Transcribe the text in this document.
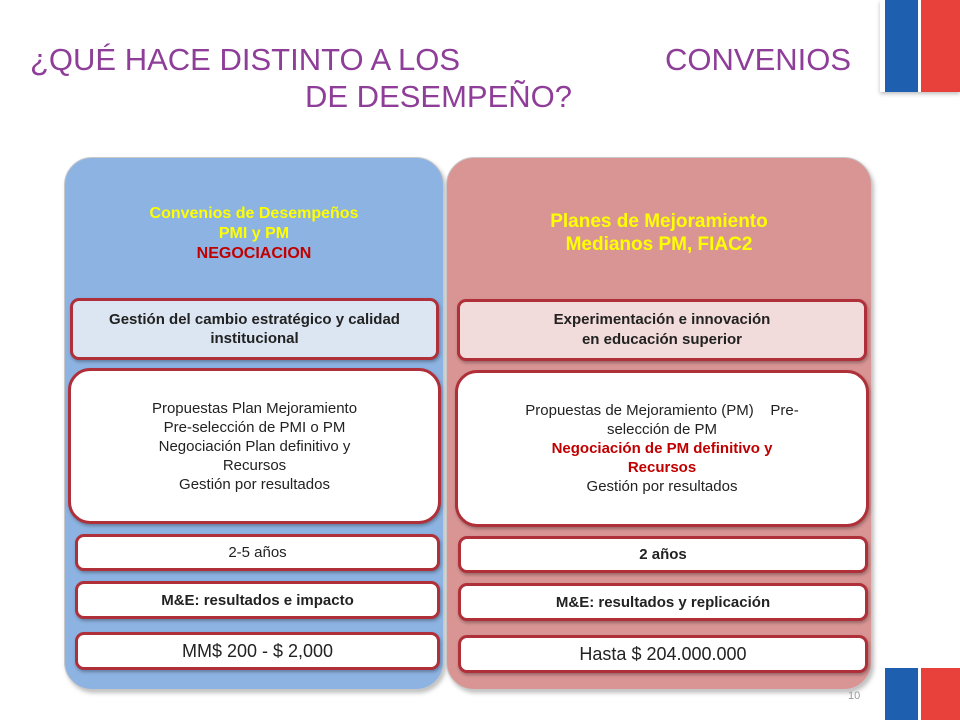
¿QUÉ HACE DISTINTO A LOS	CONVENIOS
DE DESEMPEÑO?
Convenios de Desempeños
PMI y PM
NEGOCIACION
Gestión del cambio estratégico y calidad institucional
Propuestas Plan Mejoramiento
Pre-selección de PMI o PM
Negociación Plan definitivo y
Recursos
Gestión por resultados
2-5 años
M&E: resultados e impacto
MM$ 200 - $ 2,000
Planes de Mejoramiento
Medianos PM, FIAC2
Experimentación e innovación
en educación superior
Propuestas de Mejoramiento (PM)    Pre-
selección de PM
Negociación de PM definitivo y
Recursos
Gestión por resultados
2 años
M&E: resultados y replicación
Hasta $ 204.000.000
10
